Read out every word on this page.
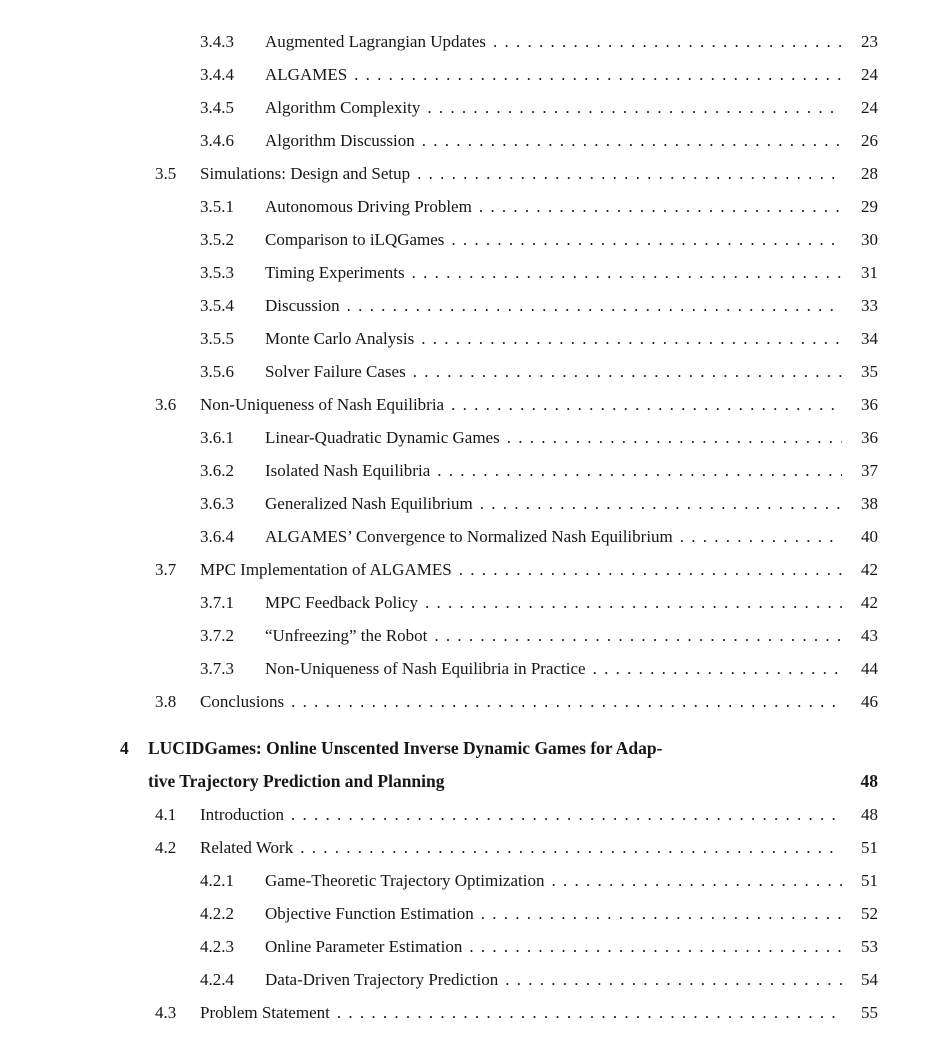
3.4.3	Augmented Lagrangian Updates . . .	23
3.4.4	ALGAMES . . .	24
3.4.5	Algorithm Complexity . . .	24
3.4.6	Algorithm Discussion . . .	26
3.5	Simulations: Design and Setup . . .	28
3.5.1	Autonomous Driving Problem . . .	29
3.5.2	Comparison to iLQGames . . .	30
3.5.3	Timing Experiments . . .	31
3.5.4	Discussion . . .	33
3.5.5	Monte Carlo Analysis . . .	34
3.5.6	Solver Failure Cases . . .	35
3.6	Non-Uniqueness of Nash Equilibria . . .	36
3.6.1	Linear-Quadratic Dynamic Games . . .	36
3.6.2	Isolated Nash Equilibria . . .	37
3.6.3	Generalized Nash Equilibrium . . .	38
3.6.4	ALGAMES’ Convergence to Normalized Nash Equilibrium . . .	40
3.7	MPC Implementation of ALGAMES . . .	42
3.7.1	MPC Feedback Policy . . .	42
3.7.2	“Unfreezing” the Robot . . .	43
3.7.3	Non-Uniqueness of Nash Equilibria in Practice . . .	44
3.8	Conclusions . . .	46
4	LUCIDGames: Online Unscented Inverse Dynamic Games for Adap-
tive Trajectory Prediction and Planning	48
4.1	Introduction . . .	48
4.2	Related Work . . .	51
4.2.1	Game-Theoretic Trajectory Optimization . . .	51
4.2.2	Objective Function Estimation . . .	52
4.2.3	Online Parameter Estimation . . .	53
4.2.4	Data-Driven Trajectory Prediction . . .	54
4.3	Problem Statement . . .	55
